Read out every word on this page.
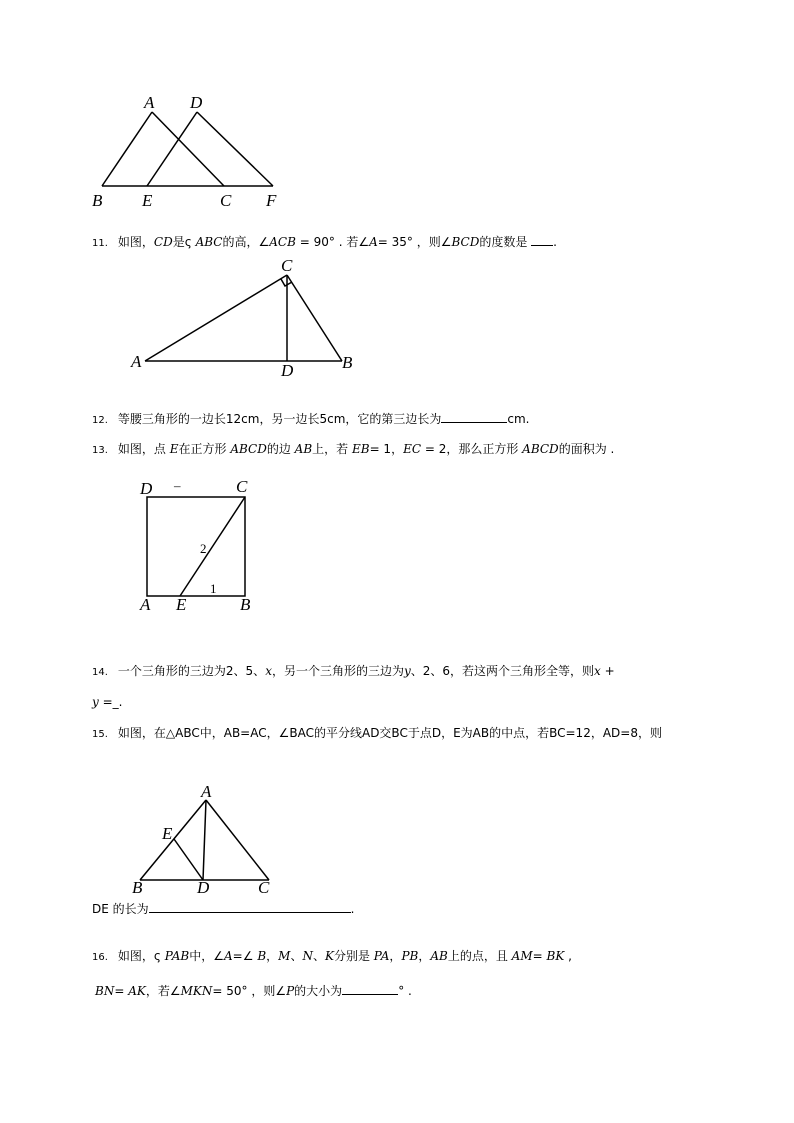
A D
B E	C F
11. 如图，CD是ς ABC的高，∠ACB = 90° . 若∠A= 35° ，则∠BCD的度数是 .
C
A	D	B
12. 等腰三角形的一边长12cm，另一边长5cm，它的第三边长为	cm.
13. 如图，点 E在正方形 ABCD的边 AB上，若 EB= 1，EC = 2，那么正方形 ABCD的面积为 .
D –	C
2
1
A E	B
14. 一个三角形的三边为2、5、x，另一个三角形的三边为y、2、6，若这两个三角形全等，则x +
y =_.
15. 如图，在△ABC中，AB=AC，∠BAC的平分线AD交BC于点D，E为AB的中点，若BC=12，AD=8，则
A
E
B	D	C
DE 的长为	.
16. 如图，ς PAB中，∠A=∠ B，M、N、K分别是 PA，PB，AB上的点，且 AM= BK ,
BN= AK，若∠MKN= 50° ，则∠P的大小为	° .
